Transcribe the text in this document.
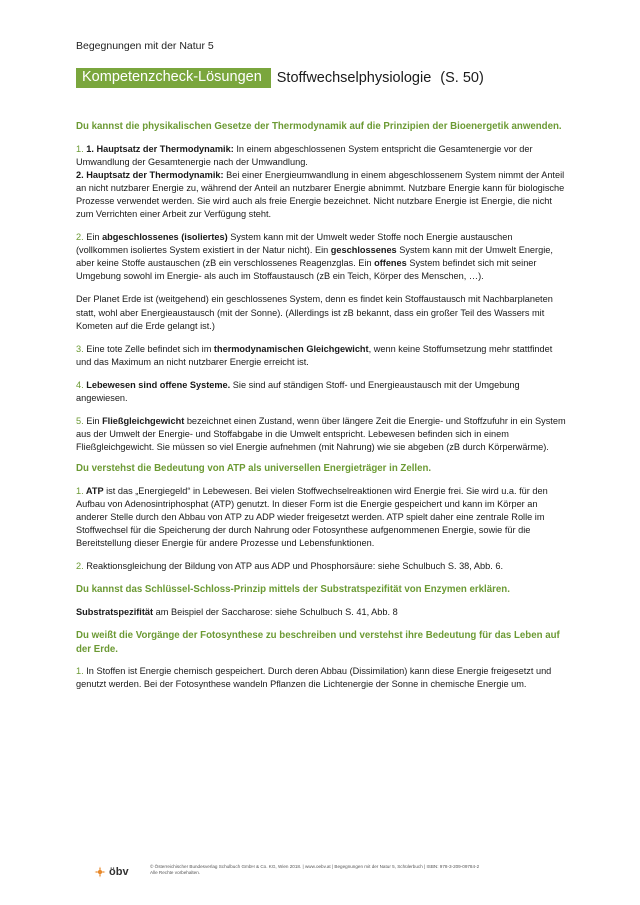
Begegnungen mit der Natur 5
Kompetenzcheck-Lösungen	Stoffwechselphysiologie (S. 50)

Du kannst die physikalischen Gesetze der Thermodynamik auf die Prinzipien der Bioenergetik anwenden.

1. 1. Hauptsatz der Thermodynamik: In einem abgeschlossenen System entspricht die Gesamtenergie vor der Umwandlung der Gesamtenergie nach der Umwandlung.
2. Hauptsatz der Thermodynamik: Bei einer Energieumwandlung in einem abgeschlossenem System nimmt der Anteil an nicht nutzbarer Energie zu, während der Anteil an nutzbarer Energie abnimmt. Nutzbare Energie kann für biologische Prozesse verwendet werden. Sie wird auch als freie Energie bezeichnet. Nicht nutzbare Energie ist Energie, die nicht zum Verrichten einer Arbeit zur Verfügung steht.

2. Ein abgeschlossenes (isoliertes) System kann mit der Umwelt weder Stoffe noch Energie austauschen (vollkommen isoliertes System existiert in der Natur nicht). Ein geschlossenes System kann mit der Umwelt Energie, aber keine Stoffe austauschen (zB ein verschlossenes Reagenzglas. Ein offenes System befindet sich mit seiner Umgebung sowohl im Energie- als auch im Stoffaustausch (zB ein Teich, Körper des Menschen, …).

Der Planet Erde ist (weitgehend) ein geschlossenes System, denn es findet kein Stoffaustausch mit Nachbarplaneten statt, wohl aber Energieaustausch (mit der Sonne). (Allerdings ist zB bekannt, dass ein großer Teil des Wassers mit Kometen auf die Erde gelangt ist.)

3. Eine tote Zelle befindet sich im thermodynamischen Gleichgewicht, wenn keine Stoffumsetzung mehr stattfindet und das Maximum an nicht nutzbarer Energie erreicht ist.

4. Lebewesen sind offene Systeme. Sie sind auf ständigen Stoff- und Energieaustausch mit der Umgebung angewiesen.

5. Ein Fließgleichgewicht bezeichnet einen Zustand, wenn über längere Zeit die Energie- und Stoffzufuhr in ein System aus der Umwelt der Energie- und Stoffabgabe in die Umwelt entspricht. Lebewesen befinden sich in einem Fließgleichgewicht. Sie müssen so viel Energie aufnehmen (mit Nahrung) wie sie abgeben (zB durch Körperwärme).

Du verstehst die Bedeutung von ATP als universellen Energieträger in Zellen.

1. ATP ist das „Energiegeld“ in Lebewesen. Bei vielen Stoffwechselreaktionen wird Energie frei. Sie wird u.a. für den Aufbau von Adenosintriphosphat (ATP) genutzt. In dieser Form ist die Energie gespeichert und kann im Körper an anderer Stelle durch den Abbau von ATP zu ADP wieder freigesetzt werden. ATP spielt daher eine zentrale Rolle im Stoffwechsel für die Speicherung der durch Nahrung oder Fotosynthese aufgenommenen Energie, sowie für die Bereitstellung dieser Energie für andere Prozesse und Lebensfunktionen.

2. Reaktionsgleichung der Bildung von ATP aus ADP und Phosphorsäure: siehe Schulbuch S. 38, Abb. 6.

Du kannst das Schlüssel-Schloss-Prinzip mittels der Substratspezifität von Enzymen erklären.

Substratspezifität am Beispiel der Saccharose: siehe Schulbuch S. 41, Abb. 8

Du weißt die Vorgänge der Fotosynthese zu beschreiben und verstehst ihre Bedeutung für das Leben auf der Erde.

1. In Stoffen ist Energie chemisch gespeichert. Durch deren Abbau (Dissimilation) kann diese Energie freigesetzt und genutzt werden. Bei der Fotosynthese wandeln Pflanzen die Lichtenergie der Sonne in chemische Energie um.

öbv	© Österreichischer Bundesverlag Schulbuch GmbH & Co. KG, Wien 2018. | www.oebv.at | Begegnungen mit der Natur 5, Schülerbuch | ISBN: 978-3-209-09784-2
Alle Rechte vorbehalten.
